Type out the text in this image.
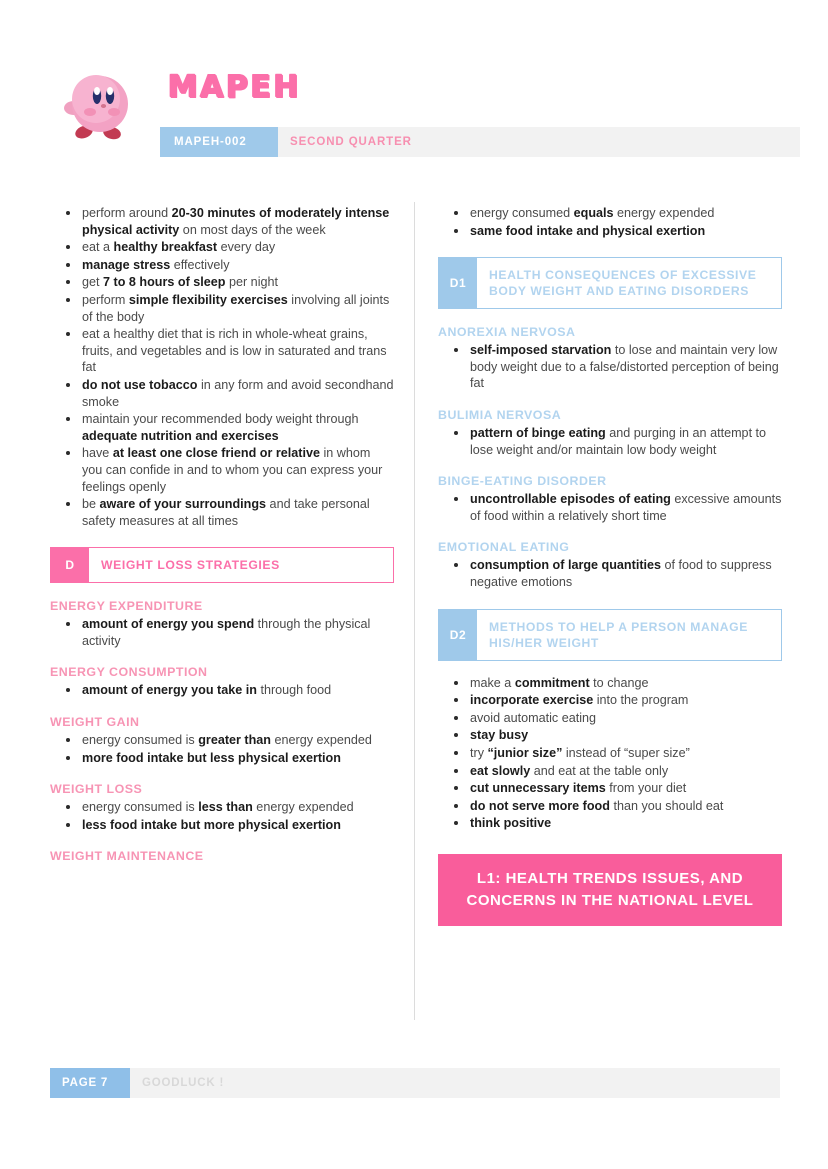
MAPEH
MAPEH-002	SECOND QUARTER
perform around 20-30 minutes of moderately intense physical activity on most days of the week
eat a healthy breakfast every day
manage stress effectively
get 7 to 8 hours of sleep per night
perform simple flexibility exercises involving all joints of the body
eat a healthy diet that is rich in whole-wheat grains, fruits, and vegetables and is low in saturated and trans fat
do not use tobacco in any form and avoid secondhand smoke
maintain your recommended body weight through adequate nutrition and exercises
have at least one close friend or relative in whom you can confide in and to whom you can express your feelings openly
be aware of your surroundings and take personal safety measures at all times
D	WEIGHT LOSS STRATEGIES
ENERGY EXPENDITURE
amount of energy you spend through the physical activity
ENERGY CONSUMPTION
amount of energy you take in through food
WEIGHT GAIN
energy consumed is greater than energy expended
more food intake but less physical exertion
WEIGHT LOSS
energy consumed is less than energy expended
less food intake but more physical exertion
WEIGHT MAINTENANCE
energy consumed equals energy expended
same food intake and physical exertion
D1
HEALTH CONSEQUENCES OF EXCESSIVE BODY WEIGHT AND EATING DISORDERS
ANOREXIA NERVOSA
self-imposed starvation to lose and maintain very low body weight due to a false/distorted perception of being fat
BULIMIA NERVOSA
pattern of binge eating and purging in an attempt to lose weight and/or maintain low body weight
BINGE-EATING DISORDER
uncontrollable episodes of eating excessive amounts of food within a relatively short time
EMOTIONAL EATING
consumption of large quantities of food to suppress negative emotions
D2
METHODS TO HELP A PERSON MANAGE HIS/HER WEIGHT
make a commitment to change
incorporate exercise into the program
avoid automatic eating
stay busy
try “junior size” instead of “super size”
eat slowly and eat at the table only
cut unnecessary items from your diet
do not serve more food than you should eat
think positive
L1: HEALTH TRENDS ISSUES, AND CONCERNS IN THE NATIONAL LEVEL
PAGE 7	GOODLUCK !
